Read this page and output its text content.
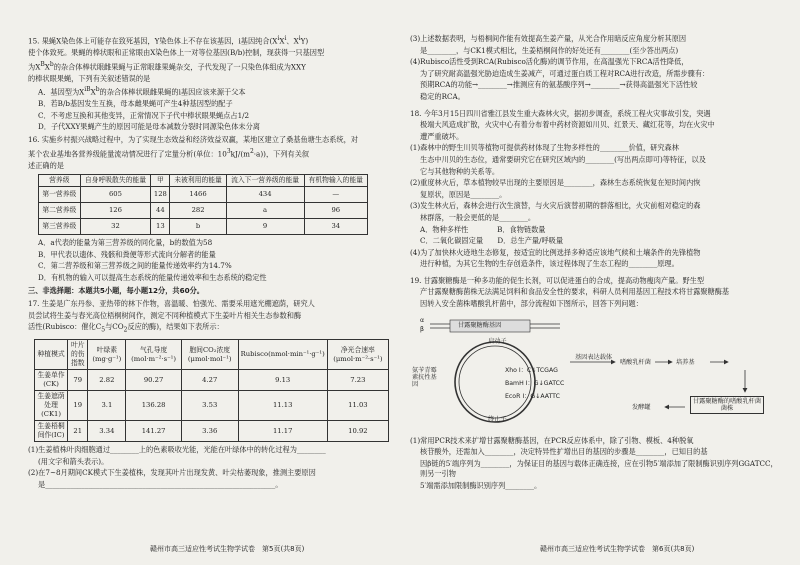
15. 果蝇X染色体上可能存在致死基因，Y染色体上不存在该基因，i基因纯合($X^iX^i$、$X^iY$)
使个体致死。果蝇的棒状眼和正常眼由X染色体上一对等位基因(B/b)控制，现获得一只基因型
为$X^BX^b$的杂合体棒状眼雌果蝇与正常眼雄果蝇杂交，子代发现了一只染色体组成为XXY
的棒状眼果蝇，下列有关叙述错误的是
A．基因型为$X^{iB}X^b$的杂合体棒状眼雌果蝇的i基因应该来源于父本
B．若B/b基因发生互换，母本雌果蝇可产生4种基因型的配子
C．不考虑互换和其他变异，正常情况下子代中棒状眼果蝇点占1/2
D．子代XXY果蝇产生的原因可能是母本减数分裂时同源染色体未分离
16. 实施乡村振兴战略过程中，为了实现生态效益和经济效益双赢，某地区建立了桑基鱼塘生态系统，对
某个农业基地各营养级能量流动情况进行了定量分析(单位：$10^3kJ/(m^2\cdot a)$)，下列有关叙
述正确的是
营养级	自身呼吸散失的能量	甲	未被利用的能量	流入下一营养级的能量	有机物输入的能量
第一营养级	605	128	1466	434	—
第二营养级	126	44	282	a	96
第三营养级	32	13	b	9	34
A．a代表的能量为第三营养级的同化量，b的数值为58
B．甲代表以遗体、残骸和粪便等形式流向分解者的能量
C．第二营养级和第三营养级之间的能量传递效率约为14.7%
D．有机物的输入可以提高生态系统的能量传递效率和生态系统的稳定性
三、非选择题：本题共5小题，每小题12分，共60分。
17. 生姜是广东丹参、亚热带的林下作物，喜温暖、怕强光、需要采用遮光棚遮荫，研究人
员尝试将生姜与春光高位梧桐树间作，测定不同种植模式下生姜叶片相关生态参数和酶
活性(Rubisco：催化$C_5$与$CO_2$反应的酶)，结果如下表所示：
种植模式	叶片的伤指数	叶绿素(mg·g⁻¹)	气孔导度(mol·m⁻²·s⁻¹)	胞间CO₂浓度(μmol·mol⁻¹)	Rubisco(nmol·min⁻¹·g⁻¹)	净光合速率(μmol·m⁻²·s⁻¹)
生姜单作(CK)	79	2.82	90.27	4.27	9.13	7.23
生姜遮荫处理(CK1)	19	3.1	136.28	3.53	11.13	11.03
生姜梧桐间作(IC)	21	3.34	141.27	3.36	11.17	10.92
(1)生姜植株叶肉细胞通过________上的色素吸收光能，光能在叶绿体中的转化过程为________
(用文字和箭头表示)。
(2)在7~8月期间CK模式下生姜植株，发现其叶片出现发黄、叶尖枯萎现象，推测主要原因
是________________________________________________________________。
(3)上述数据表明，与梧桐间作能有效提高生姜产量，从光合作用暗反应角度分析其原因
是________，与CK1模式相比，生姜梧桐间作的好处还有________(至少答出两点)
(4)Rubisco活性受到RCA(Rubisco活化酶)的调节作用，在高温强光下RCA活性降低，
为了研究耐高温强光胁迫造成生姜减产，可通过蛋白质工程对RCA进行改造，所需步骤有：
预期RCA的功能→________→推测应有的氨基酸序列→________→获得高温强光下活性较
稳定的RCA。
18. 今年3月15日四川省雅江县发生重大森林火灾，据初步调查，系统工程火灾事故引发，突遇
极端大风造成扩散，火灾中心有着分布着中药材资源如川贝、红景天、藏红花等，均在火灾中
遭严重破坏。
(1)森林中的野生川贝等植物可提供药材体现了生物多样性的________价值，研究森林
生态中川贝的生态位，通常要研究它在研究区域内的________(写出两点即可)等特征，以及
它与其他物种的关系等。
(2)重度林火后，草本植物较早出现的主要原因是________，森林生态系统恢复在短时间内恢
复原状，原因是________。
(3)发生林火后，森林会进行次生演替，与火灾后演替初期的群落相比，火灾前相对稳定的森
林群落，一般会更低的是________。
A．物种多样性　　　　B．食物链数量
C．二氧化碳固定量　　D．总生产量/呼吸量
(4)为了加快林火迹地生态修复，按适宜的比例选择多种适应该地气候和土壤条件的先锋植物
进行种植，为其它生物的生存创造条件，该过程体现了生态工程的________原理。
19. 甘露聚糖酶是一种多功能的促生长剂，可以促进蛋白的合成，提高动物瘦肉产量。野生型
产甘露聚糖酶菌株无法满足饲料和食品安全性的要求，科研人员利用基因工程技术将甘露聚糖酶基
因转入安全菌株嗜酸乳杆菌中，部分流程如下图所示，回答下列问题：
α
β
甘露聚糖酶基因
启动子
氨苄青霉素抗性基因
Xho I：C↓TCGAG
BamH I：G↓GATCC
EcoR I：G↓AATTC
终止子
基因表达载体
嗜酸乳杆菌	培养基
甘露聚糖酶的嗜酸乳杆菌菌株
发酵罐
(1)常用PCR技术来扩增甘露聚糖酶基因，在PCR反应体系中，除了引物、模板、4种脱氧
核苷酸外，还需加入________，决定特异性扩增出目的基因的步骤是________，已知目的基
因β链的5′端序列为________，为保证目的基因与载体正确连接，应在引物5′端添加了限制酶识别序列GGATCC，则另一引物
5′端需添加限制酶识别序列________。
赣州市高三适应性考试生物学试卷　第5页(共8页)	赣州市高三适应性考试生物学试卷　第6页(共8页)
